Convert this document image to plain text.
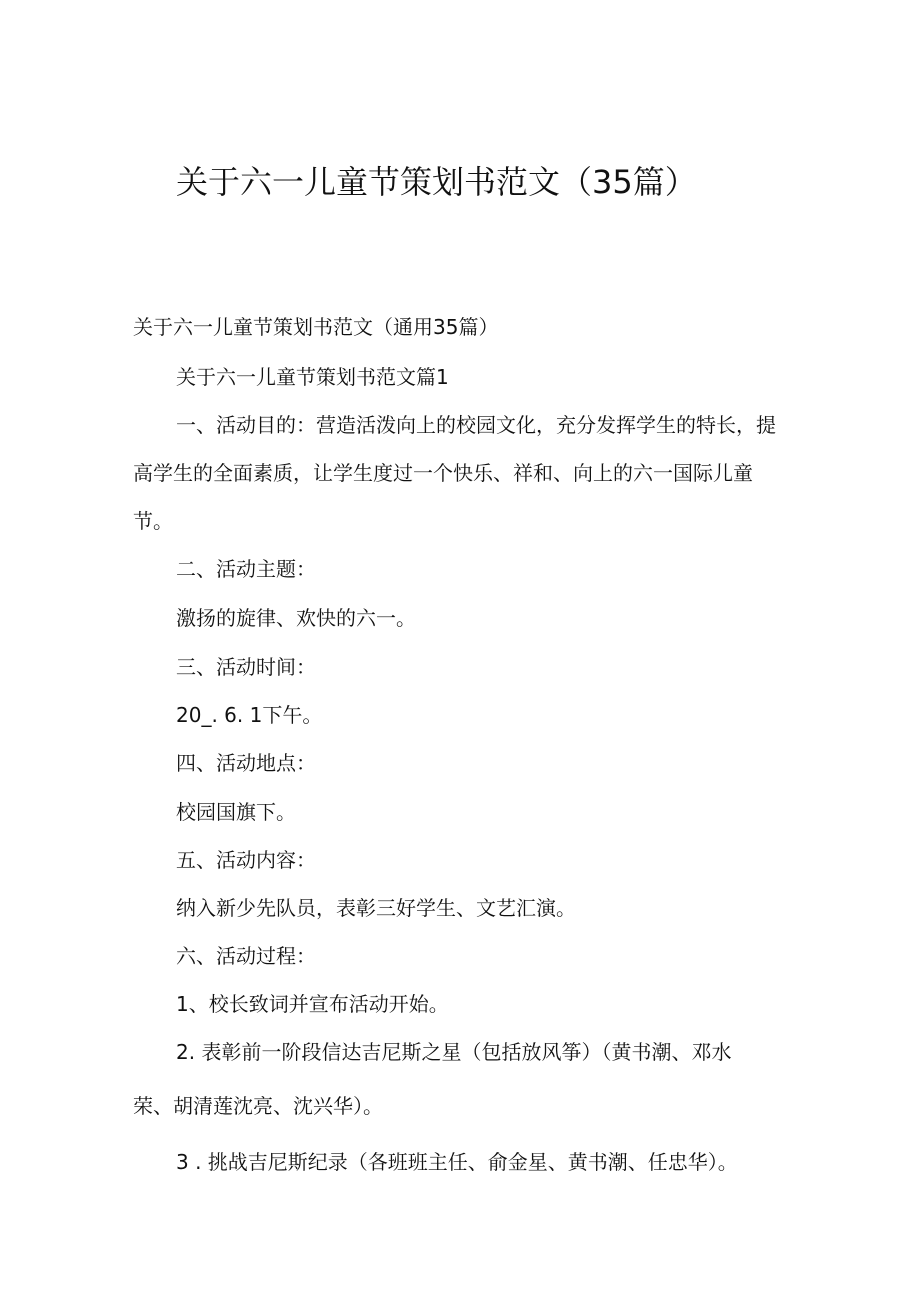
关于六一儿童节策划书范文（35篇）
关于六一儿童节策划书范文（通用35篇）
关于六一儿童节策划书范文篇1
一、活动目的：营造活泼向上的校园文化，充分发挥学生的特长，提
高学生的全面素质，让学生度过一个快乐、祥和、向上的六一国际儿童
节。
二、活动主题：
激扬的旋律、欢快的六一。
三、活动时间：
20_. 6. 1下午。
四、活动地点：
校园国旗下。
五、活动内容：
纳入新少先队员，表彰三好学生、文艺汇演。
六、活动过程：
1、校长致词并宣布活动开始。
2. 表彰前一阶段信达吉尼斯之星（包括放风筝）（黄书潮、邓水
荣、胡清莲沈亮、沈兴华）。
3 . 挑战吉尼斯纪录（各班班主任、俞金星、黄书潮、任忠华）。
